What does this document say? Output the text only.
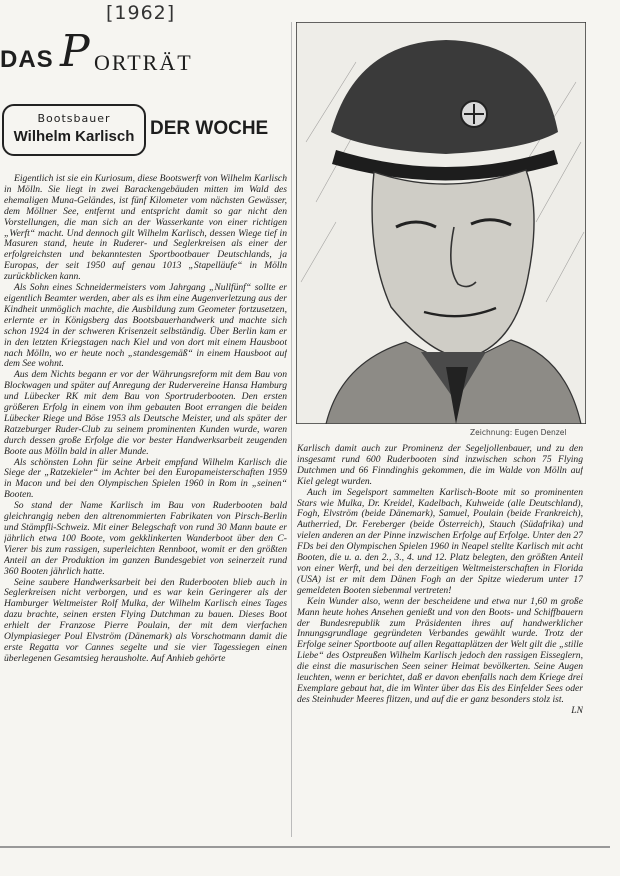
[1962]
DAS P ORTRÄT
Bootsbauer
Wilhelm Karlisch DER WOCHE

Eigentlich ist sie ein Kuriosum, diese Bootswerft von Wilhelm Karlisch in Mölln. Sie liegt in zwei Barackengebäuden mitten im Wald des ehemaligen Muna-Geländes, ist fünf Kilometer vom nächsten Gewässer, dem Möllner See, entfernt und entspricht damit so gar nicht den Vorstellungen, die man sich an der Wasserkante von einer richtigen „Werft“ macht. Und dennoch gilt Wilhelm Karlisch, dessen Wiege tief in Masuren stand, heute in Ruderer- und Seglerkreisen als einer der erfolgreichsten und bekanntesten Sportbootbauer Deutschlands, ja Europas, der seit 1950 auf genau 1013 „Stapelläufe“ in Mölln zurückblicken kann.

Als Sohn eines Schneidermeisters vom Jahrgang „Nullfünf“ sollte er eigentlich Beamter werden, aber als es ihm eine Augenverletzung aus der Kindheit unmöglich machte, die Ausbildung zum Geometer fortzusetzen, erlernte er in Königsberg das Bootsbauerhandwerk und machte sich schon 1924 in der schweren Krisenzeit selbständig. Über Berlin kam er in den letzten Kriegstagen nach Kiel und von dort mit einem Hausboot nach Mölln, wo er heute noch „standesgemäß“ in einem Hausboot auf dem See wohnt.

Aus dem Nichts begann er vor der Währungsreform mit dem Bau von Blockwagen und später auf Anregung der Rudervereine Hansa Hamburg und Lübecker RK mit dem Bau von Sportruderbooten. Den ersten größeren Erfolg in einem von ihm gebauten Boot errangen die beiden Lübecker Riege und Böse 1953 als Deutsche Meister, und als später der Ratzeburger Ruder-Club zu seinem prominenten Kunden wurde, waren durch dessen große Erfolge die vor bester Handwerksarbeit zeugenden Boote aus Mölln bald in aller Munde.

Als schönsten Lohn für seine Arbeit empfand Wilhelm Karlisch die Siege der „Ratzekieler“ im Achter bei den Europameisterschaften 1959 in Macon und bei den Olympischen Spielen 1960 in Rom in „seinen“ Booten.

So stand der Name Karlisch im Bau von Ruderbooten bald gleichrangig neben den altrenommierten Fabrikaten von Pirsch-Berlin und Stämpfli-Schweiz. Mit einer Belegschaft von rund 30 Mann baute er jährlich etwa 100 Boote, vom gekklinkerten Wanderboot über den C-Vierer bis zum rassigen, superleichten Rennboot, womit er den größten Anteil an der Produktion im ganzen Bundesgebiet von seinerzeit rund 360 Booten jährlich hatte.

Seine saubere Handwerksarbeit bei den Ruderbooten blieb auch in Seglerkreisen nicht verborgen, und es war kein Geringerer als der Hamburger Weltmeister Rolf Mulka, der Wilhelm Karlisch eines Tages dazu brachte, seinen ersten Flying Dutchman zu bauen. Dieses Boot erhielt der Franzose Pierre Poulain, der mit dem vierfachen Olympiasieger Poul Elvström (Dänemark) als Vorschotmann damit die erste Regatta vor Cannes segelte und sie vier Tagessiegen einen überlegenen Gesamtsieg herausholte. Auf Anhieb gehörte

Zeichnung: Eugen Denzel

Karlisch damit auch zur Prominenz der Segeljollenbauer, und zu den insgesamt rund 600 Ruderbooten sind inzwischen schon 75 Flying Dutchmen und 66 Finndinghis gekommen, die im Walde von Mölln auf Kiel gelegt wurden.

Auch im Segelsport sammelten Karlisch-Boote mit so prominenten Stars wie Mulka, Dr. Kreidel, Kadelbach, Kuhweide (alle Deutschland), Fogh, Elvström (beide Dänemark), Samuel, Poulain (beide Frankreich), Autherried, Dr. Fereberger (beide Österreich), Stauch (Südafrika) und vielen anderen an der Pinne inzwischen Erfolge auf Erfolge. Unter den 27 FDs bei den Olympischen Spielen 1960 in Neapel stellte Karlisch mit acht Booten, die u. a. den 2., 3., 4. und 12. Platz belegten, den größten Anteil von einer Werft, und bei den derzeitigen Weltmeisterschaften in Florida (USA) ist er mit dem Dänen Fogh an der Spitze wiederum unter 17 gemeldeten Booten siebenmal vertreten!

Kein Wunder also, wenn der bescheidene und etwa nur 1,60 m große Mann heute hohes Ansehen genießt und von den Boots- und Schiffbauern der Bundesrepublik zum Präsidenten ihres auf handwerklicher Innungsgrundlage gegründeten Verbandes gewählt wurde. Trotz der Erfolge seiner Sportboote auf allen Regattaplätzen der Welt gilt die „stille Liebe“ des Ostpreußen Wilhelm Karlisch jedoch den rassigen Eisseglern, die einst die masurischen Seen seiner Heimat bevölkerten. Seine Augen leuchten, wenn er berichtet, daß er davon ebenfalls nach dem Kriege drei Exemplare gebaut hat, die im Winter über das Eis des Einfelder Sees oder des Steinhuder Meeres flitzen, und auf die er ganz besonders stolz ist.

LN
